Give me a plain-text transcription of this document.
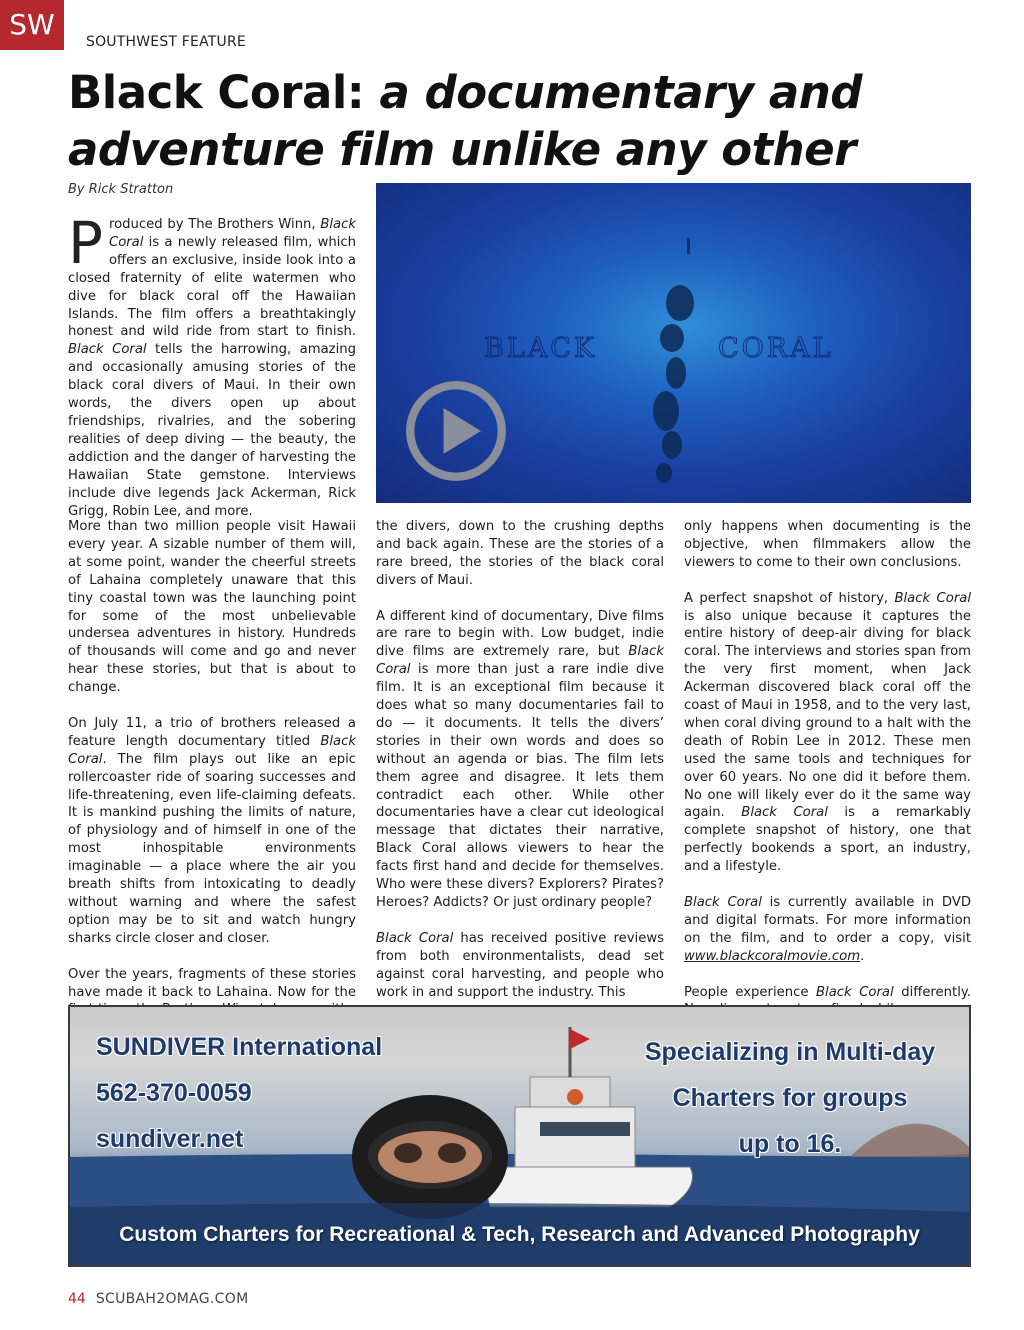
SW
SOUTHWEST FEATURE
Black Coral: a documentary and
adventure film unlike any other
By Rick Stratton
Produced by The Brothers Winn, Black Coral is a newly released film, which offers an exclusive, inside look into a closed fraternity of elite watermen who dive for black coral off the Hawaiian Islands. The film offers a breathtakingly honest and wild ride from start to finish. Black Coral tells the harrowing, amazing and occasionally amusing stories of the black coral divers of Maui. In their own words, the divers open up about friendships, rivalries, and the sobering realities of deep diving — the beauty, the addiction and the danger of harvesting the Hawaiian State gemstone. Interviews include dive legends Jack Ackerman, Rick Grigg, Robin Lee, and more.
BLACK	CORAL

More than two million people visit Hawaii every year. A sizable number of them will, at some point, wander the cheerful streets of Lahaina completely unaware that this tiny coastal town was the launching point for some of the most unbelievable undersea adventures in history. Hundreds of thousands will come and go and never hear these stories, but that is about to change.

On July 11, a trio of brothers released a feature length documentary titled Black Coral. The film plays out like an epic rollercoaster ride of soaring successes and life-threatening, even life-claiming defeats. It is mankind pushing the limits of nature, of physiology and of himself in one of the most inhospitable environments imaginable — a place where the air you breath shifts from intoxicating to deadly without warning and where the safest option may be to sit and watch hungry sharks circle closer and closer.

Over the years, fragments of these stories have made it back to Lahaina. Now for the

the divers, down to the crushing depths and back again. These are the stories of a rare breed, the stories of the black coral divers of Maui.

A different kind of documentary, Dive films are rare to begin with. Low budget, indie dive films are extremely rare, but Black Coral is more than just a rare indie dive film. It is an exceptional film because it does what so many documentaries fail to do — it documents. It tells the divers’ stories in their own words and does so without an agenda or bias. The film lets them agree and disagree. It lets them contradict each other. While other documentaries have a clear cut ideological message that dictates their narrative, Black Coral allows viewers to hear the facts first hand and decide for themselves. Who were these divers? Explorers? Pirates? Heroes? Addicts? Or just ordinary people?

Black Coral has received positive reviews from both environmentalists, dead set against coral harvesting, and people who work in and support the industry. This

only happens when documenting is the objective, when filmmakers allow the viewers to come to their own conclusions.

A perfect snapshot of history, Black Coral is also unique because it captures the entire history of deep-air diving for black coral. The interviews and stories span from the very first moment, when Jack Ackerman discovered black coral off the coast of Maui in 1958, and to the very last, when coral diving ground to a halt with the death of Robin Lee in 2012. These men used the same tools and techniques for over 60 years. No one did it before them. No one will likely ever do it the same way again. Black Coral is a remarkably complete snapshot of history, one that perfectly bookends a sport, an industry, and a lifestyle.

Black Coral is currently available in DVD and digital formats. For more information on the film, and to order a copy, visit www.blackcoralmovie.com.

People experience Black Coral differently.

SUNDIVER International
562-370-0059
sundiver.net
Specializing in Multi-day
Charters for groups
up to 16.
Custom Charters for Recreational & Tech, Research and Advanced Photography
44 SCUBAH2OMAG.COM
